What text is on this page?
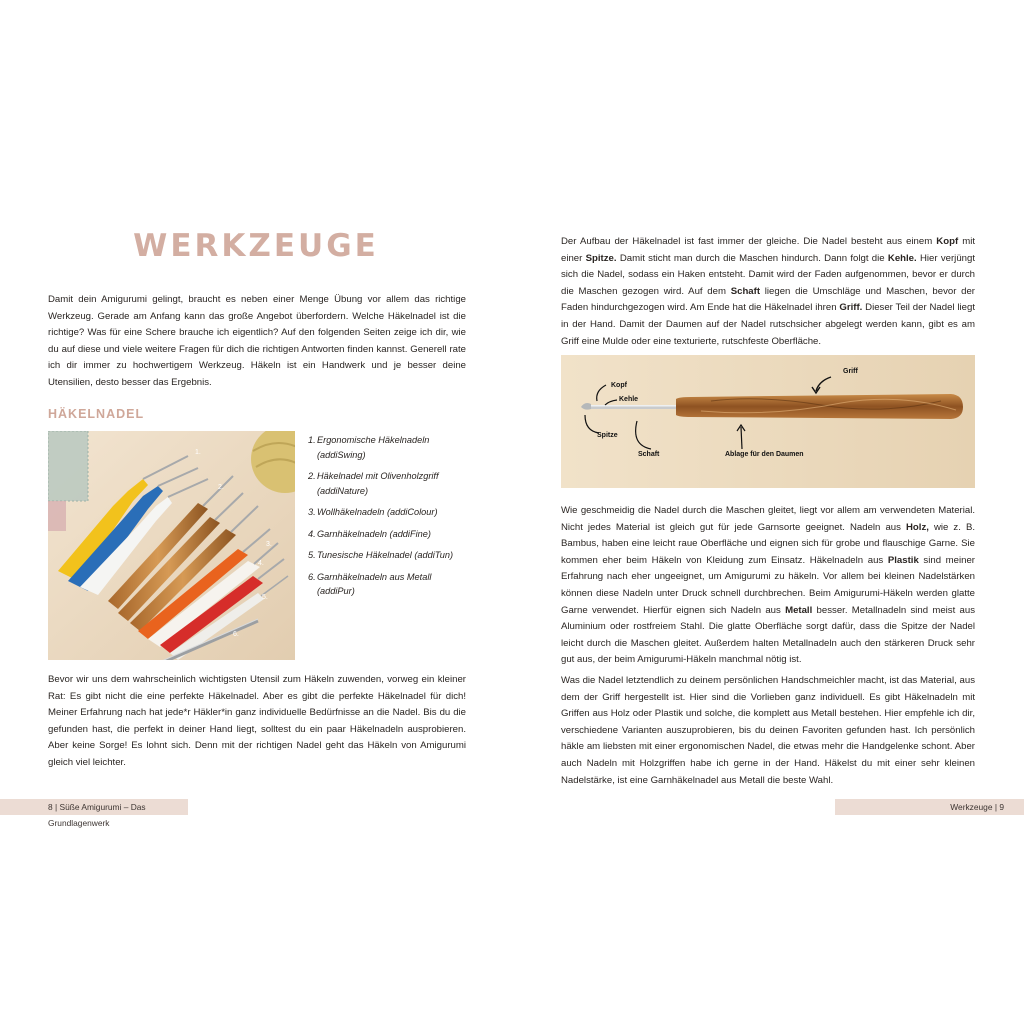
WERKZEUGE

Damit dein Amigurumi gelingt, braucht es neben einer Menge Übung vor allem das richtige Werkzeug. Gerade am Anfang kann das große Angebot überfordern. Welche Häkelnadel ist die richtige? Was für eine Schere brauche ich eigentlich? Auf den folgenden Seiten zeige ich dir, wie du auf diese und viele weitere Fragen für dich die richtigen Antworten finden kannst. Generell rate ich dir immer zu hochwertigem Werkzeug. Häkeln ist ein Handwerk und je besser deine Utensilien, desto besser das Ergebnis.

HÄKELNADEL
1.
2.
3.
4.
5.
6.
1.Ergonomische Häkelnadeln
(addiSwing)
2.Häkelnadel mit Olivenholzgriff
(addiNature)
3.Wollhäkelnadeln (addiColour)
4.Garnhäkelnadeln (addiFine)
5.Tunesische Häkelnadel (addiTun)
6.Garnhäkelnadeln aus Metall
(addiPur)

Bevor wir uns dem wahrscheinlich wichtigsten Utensil zum Häkeln zuwenden, vorweg ein kleiner Rat: Es gibt nicht die eine perfekte Häkelnadel. Aber es gibt die perfekte Häkelnadel für dich! Meiner Erfahrung nach hat jede*r Häkler*in ganz individuelle Bedürfnisse an die Nadel. Bis du die gefunden hast, die perfekt in deiner Hand liegt, solltest du ein paar Häkelnadeln ausprobieren. Aber keine Sorge! Es lohnt sich. Denn mit der richtigen Nadel geht das Häkeln von Amigurumi gleich viel leichter.

8 | Süße Amigurumi – Das Grundlagenwerk

Der Aufbau der Häkelnadel ist fast immer der gleiche. Die Nadel besteht aus einem Kopf mit einer Spitze. Damit sticht man durch die Maschen hindurch. Dann folgt die Kehle. Hier verjüngt sich die Nadel, sodass ein Haken entsteht. Damit wird der Faden aufgenommen, bevor er durch die Maschen gezogen wird. Auf dem Schaft liegen die Umschläge und Maschen, bevor der Faden hindurchgezogen wird. Am Ende hat die Häkelnadel ihren Griff. Dieser Teil der Nadel liegt in der Hand. Damit der Daumen auf der Nadel rutschsicher abgelegt werden kann, gibt es am Griff eine Mulde oder eine texturierte, rutschfeste Oberfläche.

Griff
Kopf
Kehle
Spitze
Schaft	Ablage für den Daumen

Wie geschmeidig die Nadel durch die Maschen gleitet, liegt vor allem am verwendeten Material. Nicht jedes Material ist gleich gut für jede Garnsorte geeignet. Nadeln aus Holz, wie z. B. Bambus, haben eine leicht raue Oberfläche und eignen sich für grobe und flauschige Garne. Sie kommen eher beim Häkeln von Kleidung zum Einsatz. Häkelnadeln aus Plastik sind meiner Erfahrung nach eher ungeeignet, um Amigurumi zu häkeln. Vor allem bei kleinen Nadelstärken können diese Nadeln unter Druck schnell durchbrechen. Beim Amigurumi-Häkeln werden glatte Garne verwendet. Hierfür eignen sich Nadeln aus Metall besser. Metallnadeln sind meist aus Aluminium oder rostfreiem Stahl. Die glatte Oberfläche sorgt dafür, dass die Spitze der Nadel leicht durch die Maschen gleitet. Außerdem halten Metallnadeln auch den stärkeren Druck sehr gut aus, der beim Amigurumi-Häkeln manchmal nötig ist.

Was die Nadel letztendlich zu deinem persönlichen Handschmeichler macht, ist das Material, aus dem der Griff hergestellt ist. Hier sind die Vorlieben ganz individuell. Es gibt Häkelnadeln mit Griffen aus Holz oder Plastik und solche, die komplett aus Metall bestehen. Hier empfehle ich dir, verschiedene Varianten auszuprobieren, bis du deinen Favoriten gefunden hast. Ich persönlich häkle am liebsten mit einer ergonomischen Nadel, die etwas mehr die Handgelenke schont. Aber auch Nadeln mit Holzgriffen habe ich gerne in der Hand. Häkelst du mit einer sehr kleinen Nadelstärke, ist eine Garnhäkelnadel aus Metall die beste Wahl.

Werkzeuge | 9
